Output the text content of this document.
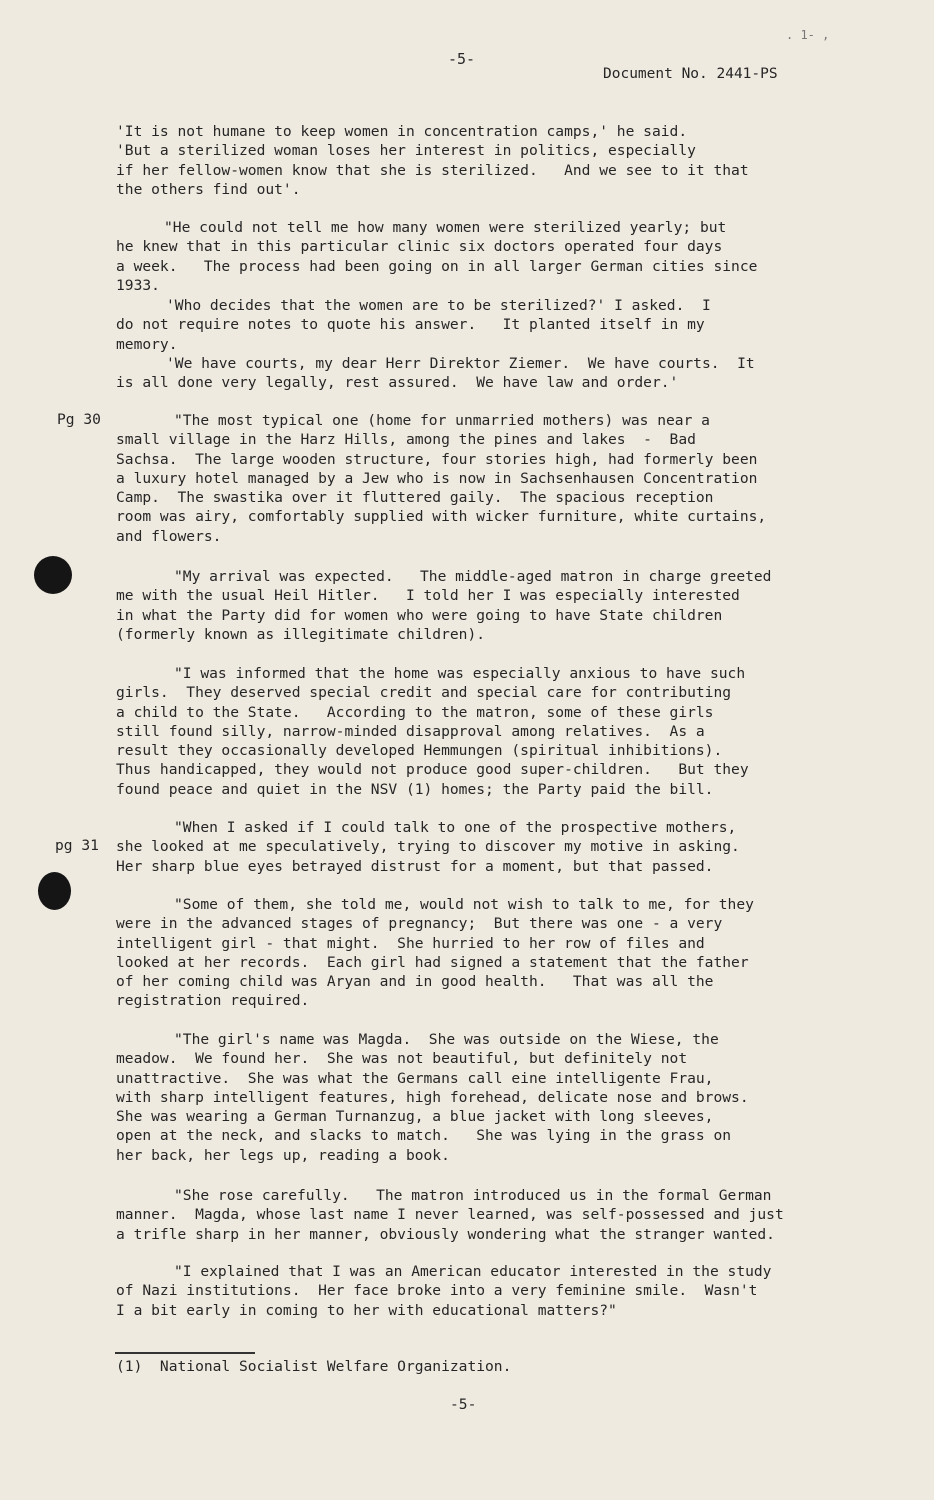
. 1- ,
-5-
Document No. 2441-PS
Pg 30
pg 31
'It is not humane to keep women in concentration camps,' he said.
'But a sterilized woman loses her interest in politics, especially
if her fellow-women know that she is sterilized.   And we see to it that
the others find out'.
"He could not tell me how many women were sterilized yearly; but
he knew that in this particular clinic six doctors operated four days
a week.   The process had been going on in all larger German cities since
1933.
'Who decides that the women are to be sterilized?' I asked.  I
do not require notes to quote his answer.   It planted itself in my
memory.
'We have courts, my dear Herr Direktor Ziemer.  We have courts.  It
is all done very legally, rest assured.  We have law and order.'
"The most typical one (home for unmarried mothers) was near a
small village in the Harz Hills, among the pines and lakes  -  Bad
Sachsa.  The large wooden structure, four stories high, had formerly been
a luxury hotel managed by a Jew who is now in Sachsenhausen Concentration
Camp.  The swastika over it fluttered gaily.  The spacious reception
room was airy, comfortably supplied with wicker furniture, white curtains,
and flowers.
"My arrival was expected.   The middle-aged matron in charge greeted
me with the usual Heil Hitler.   I told her I was especially interested
in what the Party did for women who were going to have State children
(formerly known as illegitimate children).
"I was informed that the home was especially anxious to have such
girls.  They deserved special credit and special care for contributing
a child to the State.   According to the matron, some of these girls
still found silly, narrow-minded disapproval among relatives.  As a
result they occasionally developed Hemmungen (spiritual inhibitions).
Thus handicapped, they would not produce good super-children.   But they
found peace and quiet in the NSV (1) homes; the Party paid the bill.
"When I asked if I could talk to one of the prospective mothers,
she looked at me speculatively, trying to discover my motive in asking.
Her sharp blue eyes betrayed distrust for a moment, but that passed.
"Some of them, she told me, would not wish to talk to me, for they
were in the advanced stages of pregnancy;  But there was one - a very
intelligent girl - that might.  She hurried to her row of files and
looked at her records.  Each girl had signed a statement that the father
of her coming child was Aryan and in good health.   That was all the
registration required.
"The girl's name was Magda.  She was outside on the Wiese, the
meadow.  We found her.  She was not beautiful, but definitely not
unattractive.  She was what the Germans call eine intelligente Frau,
with sharp intelligent features, high forehead, delicate nose and brows.
She was wearing a German Turnanzug, a blue jacket with long sleeves,
open at the neck, and slacks to match.   She was lying in the grass on
her back, her legs up, reading a book.
"She rose carefully.   The matron introduced us in the formal German
manner.  Magda, whose last name I never learned, was self-possessed and just
a trifle sharp in her manner, obviously wondering what the stranger wanted.
"I explained that I was an American educator interested in the study
of Nazi institutions.  Her face broke into a very feminine smile.  Wasn't
I a bit early in coming to her with educational matters?"
(1)  National Socialist Welfare Organization.
-5-
